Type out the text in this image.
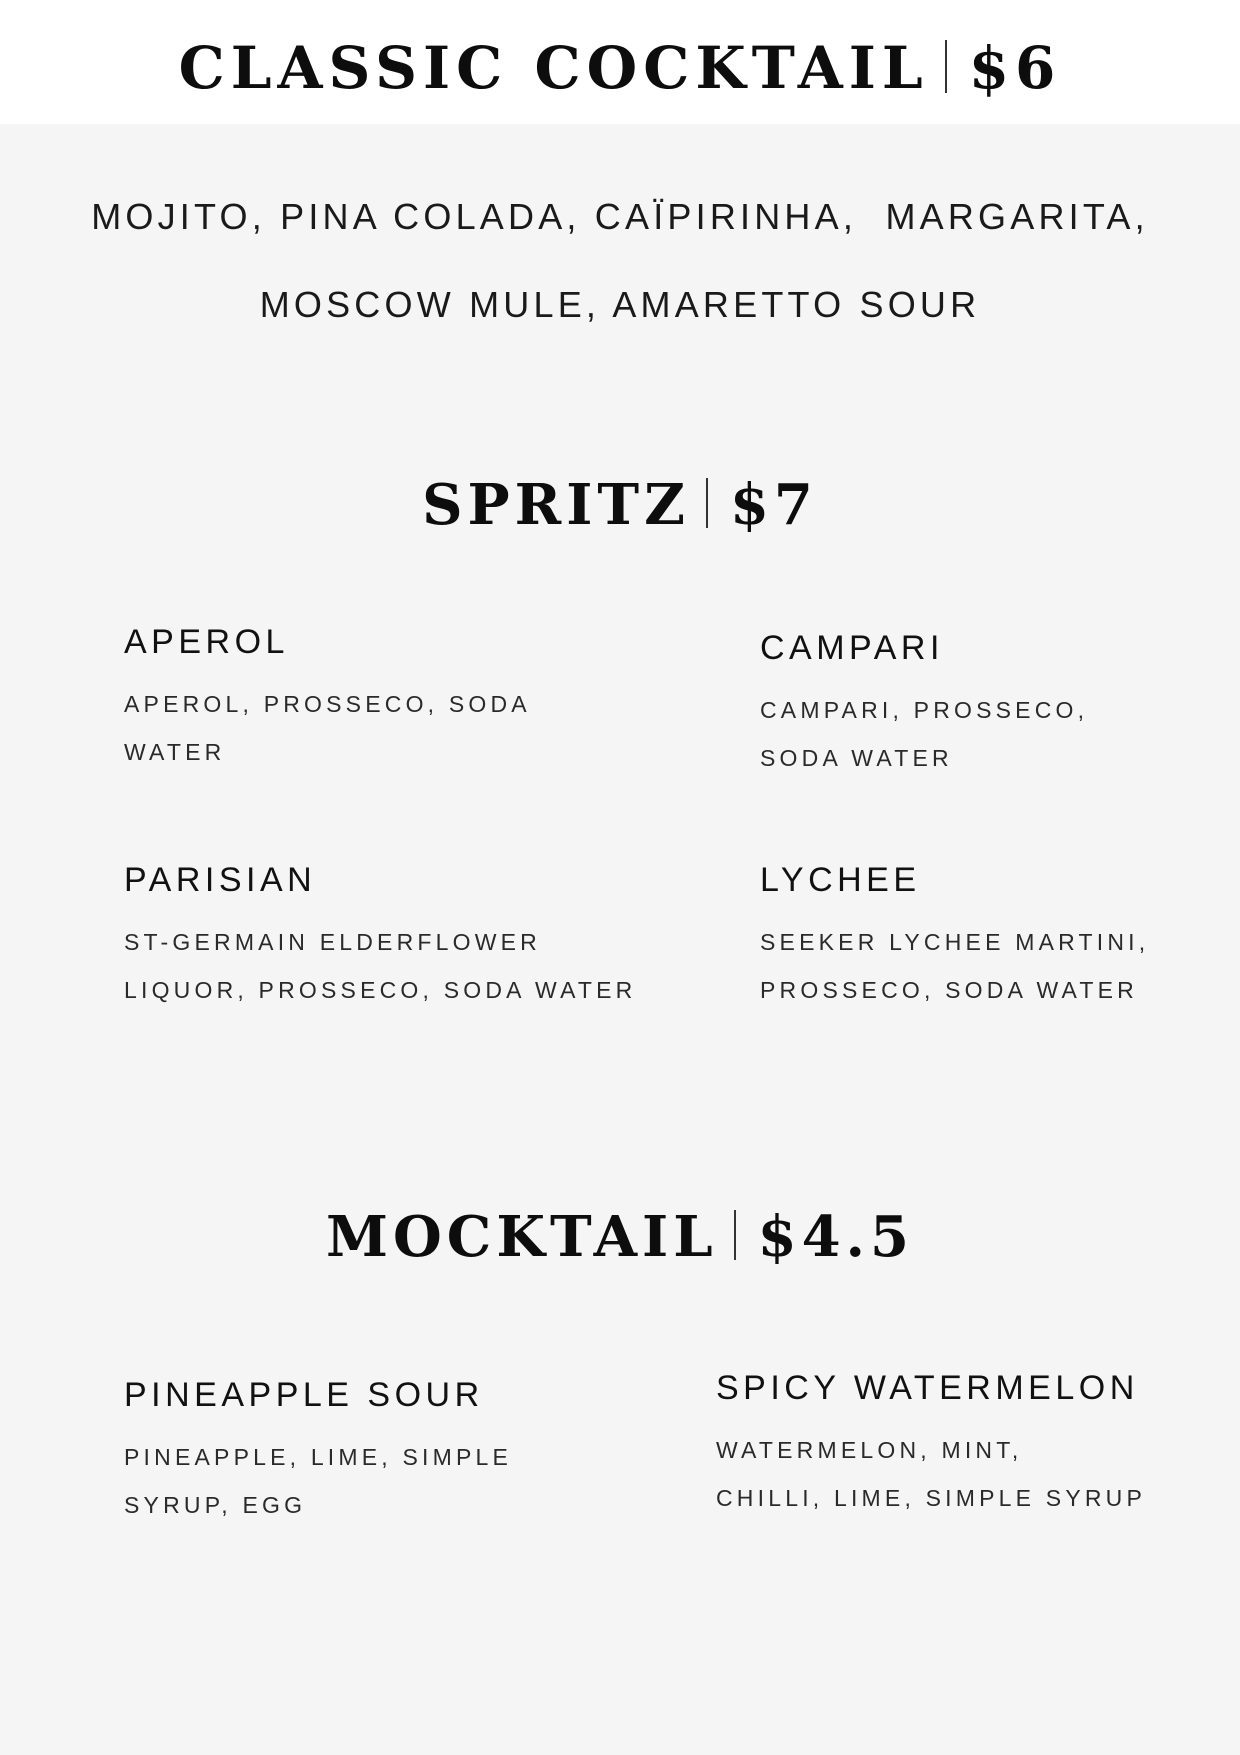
CLASSIC COCKTAIL $6

MOJITO, PINA COLADA, CAÏPIRINHA,  MARGARITA,

MOSCOW MULE, AMARETTO SOUR

SPRITZ $7

APEROL

APEROL, PROSSECO, SODA
WATER

CAMPARI

CAMPARI, PROSSECO,
SODA WATER

PARISIAN

ST-GERMAIN ELDERFLOWER
LIQUOR, PROSSECO, SODA WATER

LYCHEE

SEEKER LYCHEE MARTINI,
PROSSECO, SODA WATER

MOCKTAIL $4.5

PINEAPPLE SOUR

PINEAPPLE, LIME, SIMPLE
SYRUP, EGG

SPICY WATERMELON

WATERMELON, MINT,
CHILLI, LIME, SIMPLE SYRUP
